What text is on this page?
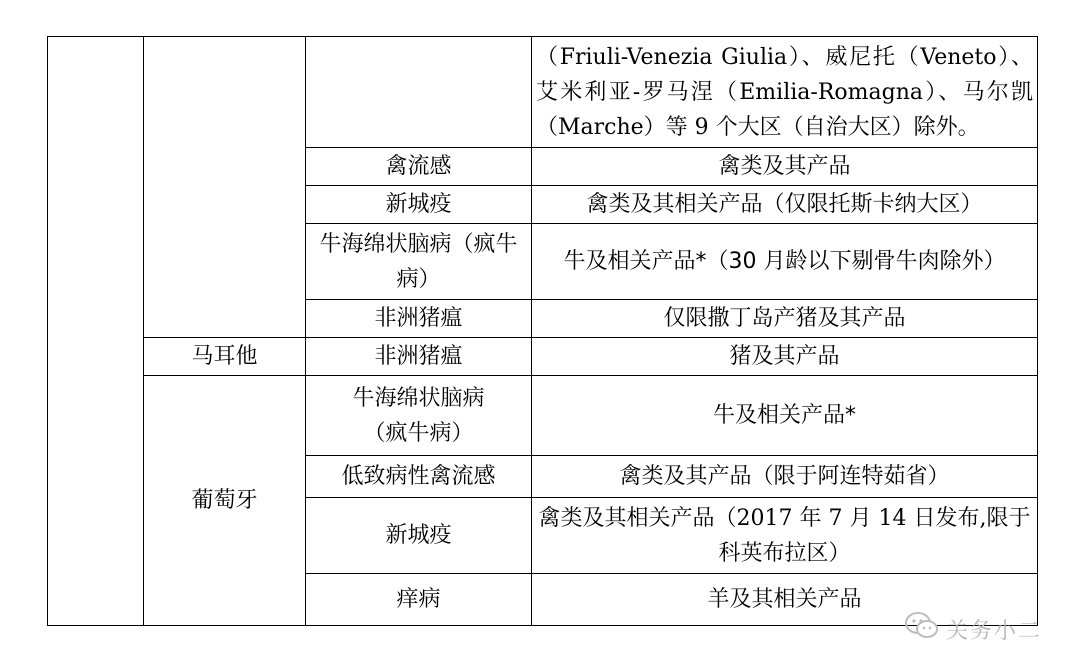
			（Friuli-Venezia Giulia）、威尼托（Veneto）、艾米利亚-罗马涅（Emilia-Romagna）、马尔凯（Marche）等 9 个大区（自治大区）除外。
		禽流感	禽类及其产品
		新城疫	禽类及其相关产品（仅限托斯卡纳大区）
		牛海绵状脑病（疯牛病）	牛及相关产品*（30 月龄以下剔骨牛肉除外）
		非洲猪瘟	仅限撒丁岛产猪及其产品
	马耳他	非洲猪瘟	猪及其产品
	葡萄牙	牛海绵状脑病（疯牛病）	牛及相关产品*
		低致病性禽流感	禽类及其产品（限于阿连特茹省）
		新城疫	禽类及其相关产品（2017 年 7 月 14 日发布,限于科英布拉区）
		痒病	羊及其相关产品
关务小二
